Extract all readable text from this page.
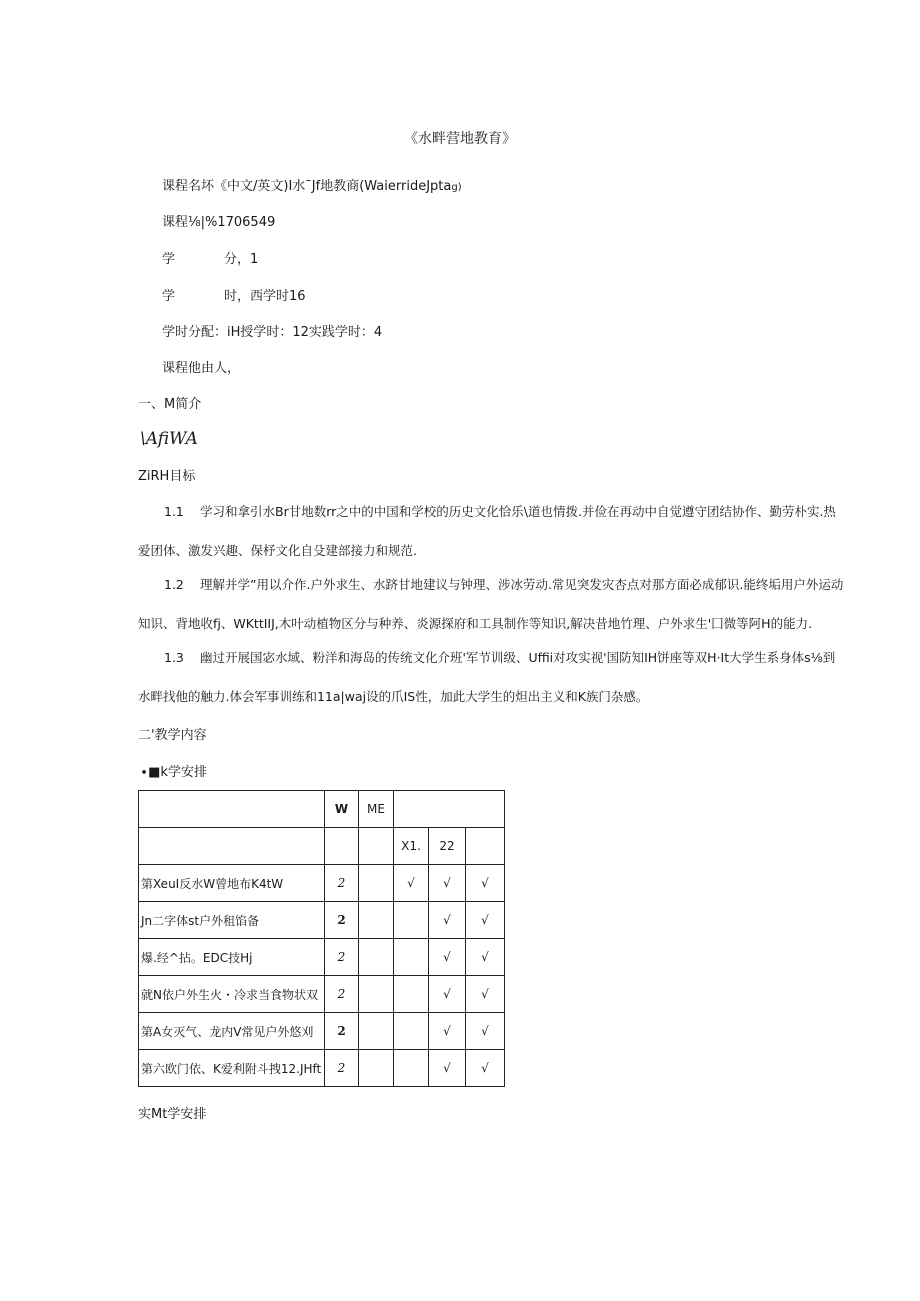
《水畔营地教育》
课程名坏《中文/英文)I水¯Jf地教商(WaierrideJptag)
课程⅛|%1706549
学	分，1
学	时，西学时16
学时分配：iH授学时：12实践学时：4
课程他由人，
一、M简介
\AfiWA
ZiRH目标
1.1 学习和拿引水Br甘地数rr之中的中国和学校的历史文化恰乐\道也情拨.并俭在再动中自觉遵守团结协作、勤劳朴实.热爱团体、激发兴趣、保杼文化自殳建部接力和规范.
1.2 理解并学”用以介作.户外求生、水跻甘地建议与钟理、涉冰劳动.常见突发灾杏点对那方面必成郁识.能终垢用户外运动知识、背地收fj、WKttIIJ,木叶动植物区分与种养、炎源探府和工具制作等知识,解决昔地竹理、户外求生'囗微等阿H的能力.
1.3 幽过开展国宓水域、粉洋和海岛的传统文化介班'军节训级、Uffii对攻实视'国防知IH饼座等双H⋅It大学生系身体s⅛到水畔找他的触力.体会军事训练和11a|waj设的爪IS性，加此大学生的炟出主义和K族门杂感。
二'教学内容
∙■k学安排
	W	ME			
			X1.	22	
第XeuI反水W曾地布K4tW	2		√	√	√
Jn二字体st户外租馅备	2			√	√
爆.经^拈。EDC技Hj	2			√	√
就N依户外生火・冷求当食物状双	2			√	√
第A女灭气、龙内V常见户外悠刈	2			√	√
第六欧门依、K爱利附斗拽12.JHft	2			√	√
实Mt学安排
